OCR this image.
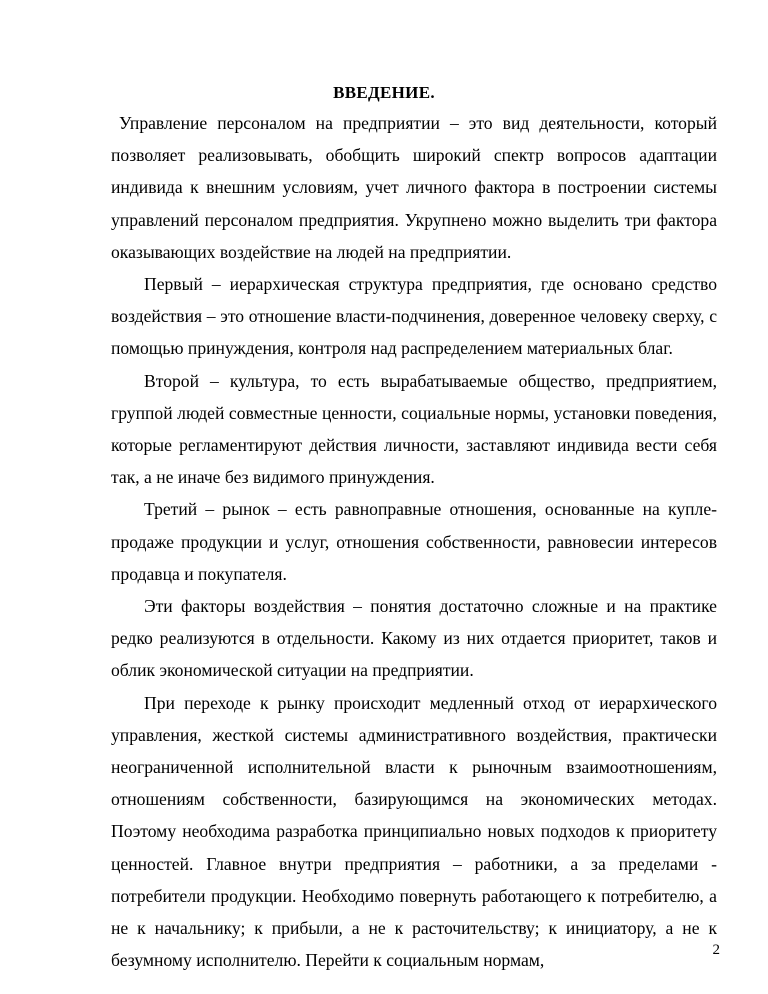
ВВЕДЕНИЕ.

Управление персоналом на предприятии – это вид деятельности, который позволяет реализовывать, обобщить широкий спектр вопросов адаптации индивида к внешним условиям, учет личного фактора в построении системы управлений персоналом предприятия. Укрупнено можно выделить три фактора оказывающих воздействие на людей на предприятии.

Первый – иерархическая структура предприятия, где основано средство воздействия – это отношение власти-подчинения, доверенное человеку сверху, с помощью принуждения, контроля над распределением материальных благ.

Второй – культура, то есть вырабатываемые общество, предприятием, группой людей совместные ценности, социальные нормы, установки поведения, которые регламентируют действия личности, заставляют индивида вести себя так, а не иначе без видимого принуждения.

Третий – рынок – есть равноправные отношения, основанные на купле-продаже продукции и услуг, отношения собственности, равновесии интересов продавца и покупателя.

Эти факторы воздействия – понятия достаточно сложные и на практике редко реализуются в отдельности. Какому из них отдается приоритет, таков и облик экономической ситуации на предприятии.

При переходе к рынку происходит медленный отход от иерархического управления, жесткой системы административного воздействия, практически неограниченной исполнительной власти к рыночным взаимоотношениям, отношениям собственности, базирующимся на экономических методах. Поэтому необходима разработка принципиально новых подходов к приоритету ценностей. Главное внутри предприятия – работники, а за пределами - потребители продукции. Необходимо повернуть работающего к потребителю, а не к начальнику; к прибыли, а не к расточительству; к инициатору, а не к безумному исполнителю. Перейти к социальным нормам,

2
